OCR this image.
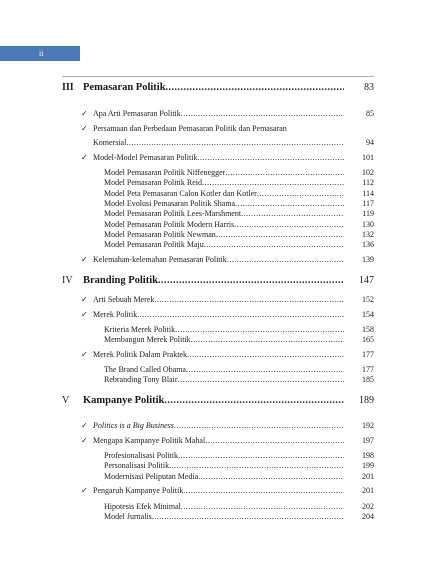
ii
III Pemasaran Politik .....	83
✓ Apa Arti Pemasaran Politik .....	85
✓ Persamaan dan Perbedaan Pemasaran Politik dan Pemasaran
Komersial .....	94
✓ Model-Model Pemasaran Politik .....	101
Model Pemasaran Politik Niffenegger .....	102
Model Pemasaran Politik Reid .....	112
Model Peta Pemasaran Calon Kotler dan Kotler .....	114
Model Evolusi Pemasaran Politik Shama .....	117
Model Pemasaran Politik Lees-Marshment .....	119
Model Pemasaran Politik Modern Harris .....	130
Model Pemasaran Politik Newman .....	132
Model Pemasaran Politik Maju .....	136
✓ Kelemahan-kelemahan Pemasaran Politik .....	139
IV Branding Politik .....	147
✓ Arti Sebuah Merek .....	152
✓ Merek Politik .....	154
Kriteria Merek Politik .....	158
Membangun Merek Politik .....	165
✓ Merek Politik Dalam Praktek .....	177
The Brand Called Obama .....	177
Rebranding Tony Blair .....	185
V	Kampanye Politik .....	189
✓ Politics is a Big Business .....	192
✓ Mengapa Kampanye Politik Mahal .....	197
Profesionalisasi Politik .....	198
Personalisasi Politik .....	199
Modernisasi Peliputan Media .....	201
✓ Pengaruh Kampanye Politik .....	201
Hipotesis Efek Minimal .....	202
Model Jurnalis .....	204
